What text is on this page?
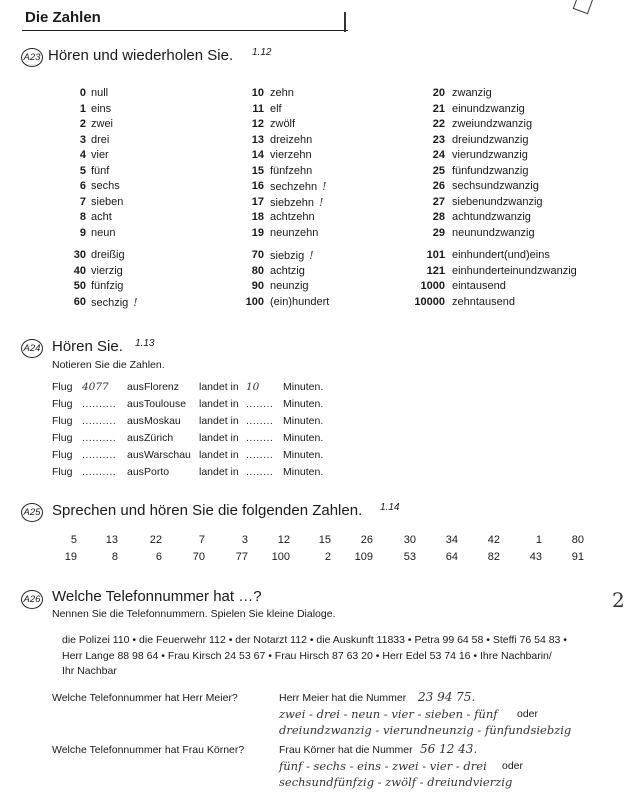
Die Zahlen
A23 Hören und wiederholen Sie. 1.12
0 null
1 eins
2 zwei
3 drei
4 vier
5 fünf
6 sechs
7 sieben
8 acht
9 neun
30 dreißig
40 vierzig
50 fünfzig
60 sechzig !
10 zehn
11 elf
12 zwölf
13 dreizehn
14 vierzehn
15 fünfzehn
16 sechzehn !
17 siebzehn !
18 achtzehn
19 neunzehn
70 siebzig !
80 achtzig
90 neunzig
100 (ein)hundert
20 zwanzig
21 einundzwanzig
22 zweiundzwanzig
23 dreiundzwanzig
24 vierundzwanzig
25 fünfundzwanzig
26 sechsundzwanzig
27 siebenundzwanzig
28 achtundzwanzig
29 neunundzwanzig
101 einhundert(und)eins
121 einhunderteinundzwanzig
1000 eintausend
10000 zehntausend
A24 Hören Sie. 1.13
Notieren Sie die Zahlen.
Flug 4077 aus Florenz landet in 10 Minuten.
Flug .......... aus Toulouse landet in ........ Minuten.
Flug .......... aus Moskau landet in ........ Minuten.
Flug .......... aus Zürich landet in ........ Minuten.
Flug .......... aus Warschau landet in ........ Minuten.
Flug .......... aus Porto	landet in ........ Minuten.
A25 Sprechen und hören Sie die folgenden Zahlen. 1.14
5	13	22	7	3	12	15	26	30	34	42	1	80
19	8	6	70	77	100	2	109	53	64	82	43	91
A26 Welche Telefonnummer hat …?
Nennen Sie die Telefonnummern. Spielen Sie kleine Dialoge.
die Polizei 110 • die Feuerwehr 112 • der Notarzt 112 • die Auskunft 11833 • Petra 99 64 58 • Steffi 76 54 83 •
Herr Lange 88 98 64 • Frau Kirsch 24 53 67 • Frau Hirsch 87 63 20 • Herr Edel 53 74 16 • Ihre Nachbarin/
Ihr Nachbar
Welche Telefonnummer hat Herr Meier?	Herr Meier hat die Nummer 23 94 75.
zwei - drei - neun - vier - sieben - fünf oder
dreiundzwanzig - vierundneunzig - fünfundsiebzig
Welche Telefonnummer hat Frau Körner?	Frau Körner hat die Nummer 56 12 43.
fünf - sechs - eins - zwei - vier - drei oder
sechsundfünfzig - zwölf - dreiundvierzig
2
